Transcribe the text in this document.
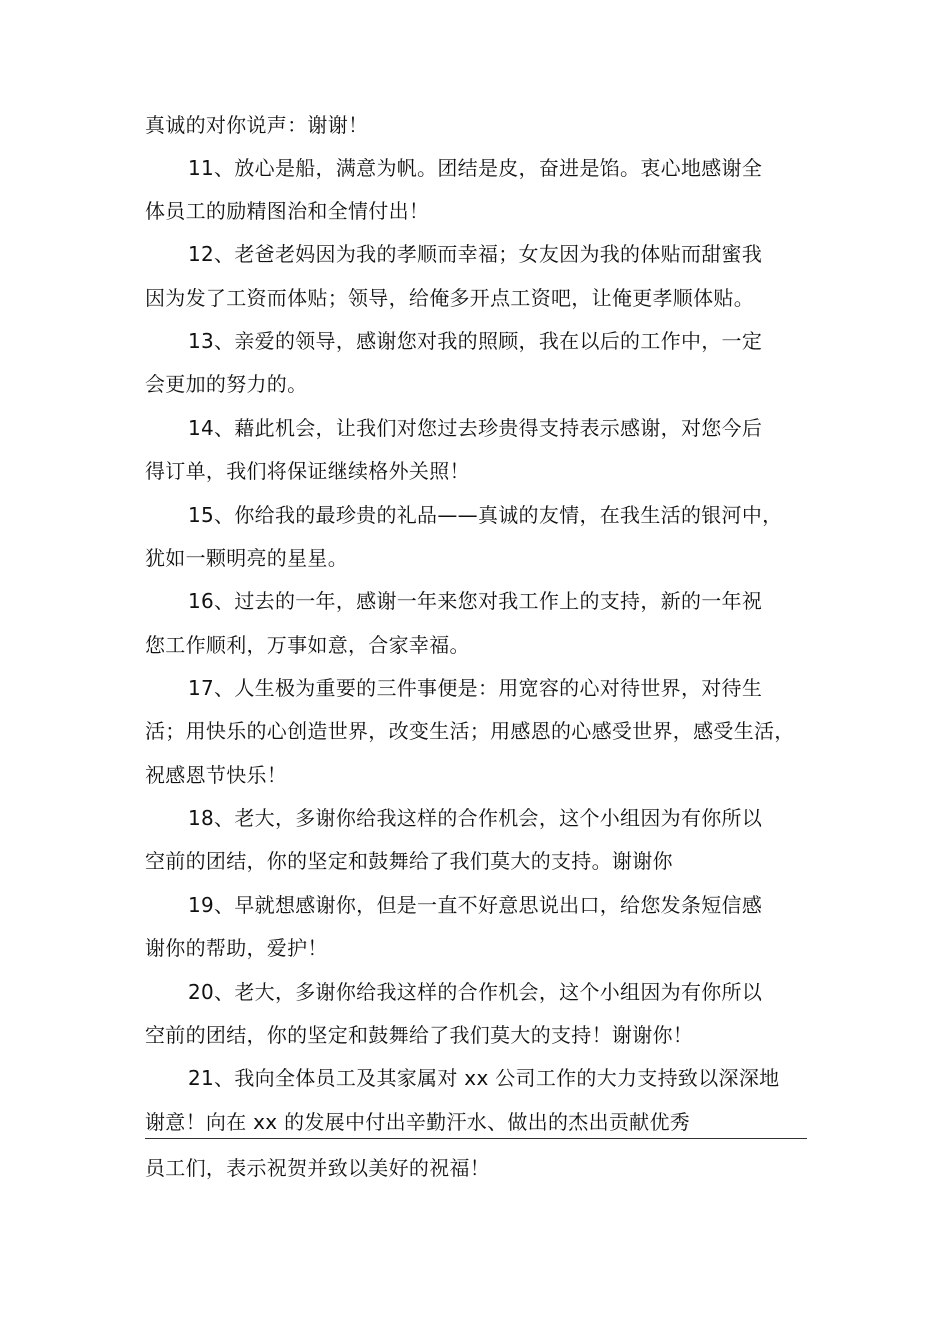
真诚的对你说声：谢谢！
11、放心是船，满意为帆。团结是皮，奋进是馅。衷心地感谢全
体员工的励精图治和全情付出！
12、老爸老妈因为我的孝顺而幸福；女友因为我的体贴而甜蜜我
因为发了工资而体贴；领导，给俺多开点工资吧，让俺更孝顺体贴。
13、亲爱的领导，感谢您对我的照顾，我在以后的工作中，一定
会更加的努力的。
14、藉此机会，让我们对您过去珍贵得支持表示感谢，对您今后
得订单，我们将保证继续格外关照！
15、你给我的最珍贵的礼品——真诚的友情，在我生活的银河中，
犹如一颗明亮的星星。
16、过去的一年，感谢一年来您对我工作上的支持，新的一年祝
您工作顺利，万事如意，合家幸福。
17、人生极为重要的三件事便是：用宽容的心对待世界，对待生
活；用快乐的心创造世界，改变生活；用感恩的心感受世界，感受生活，
祝感恩节快乐！
18、老大，多谢你给我这样的合作机会，这个小组因为有你所以
空前的团结，你的坚定和鼓舞给了我们莫大的支持。谢谢你
19、早就想感谢你，但是一直不好意思说出口，给您发条短信感
谢你的帮助，爱护！
20、老大，多谢你给我这样的合作机会，这个小组因为有你所以
空前的团结，你的坚定和鼓舞给了我们莫大的支持！谢谢你！
21、我向全体员工及其家属对 xx 公司工作的大力支持致以深深地
谢意！向在 xx 的发展中付出辛勤汗水、做出的杰出贡献优秀
员工们，表示祝贺并致以美好的祝福！
